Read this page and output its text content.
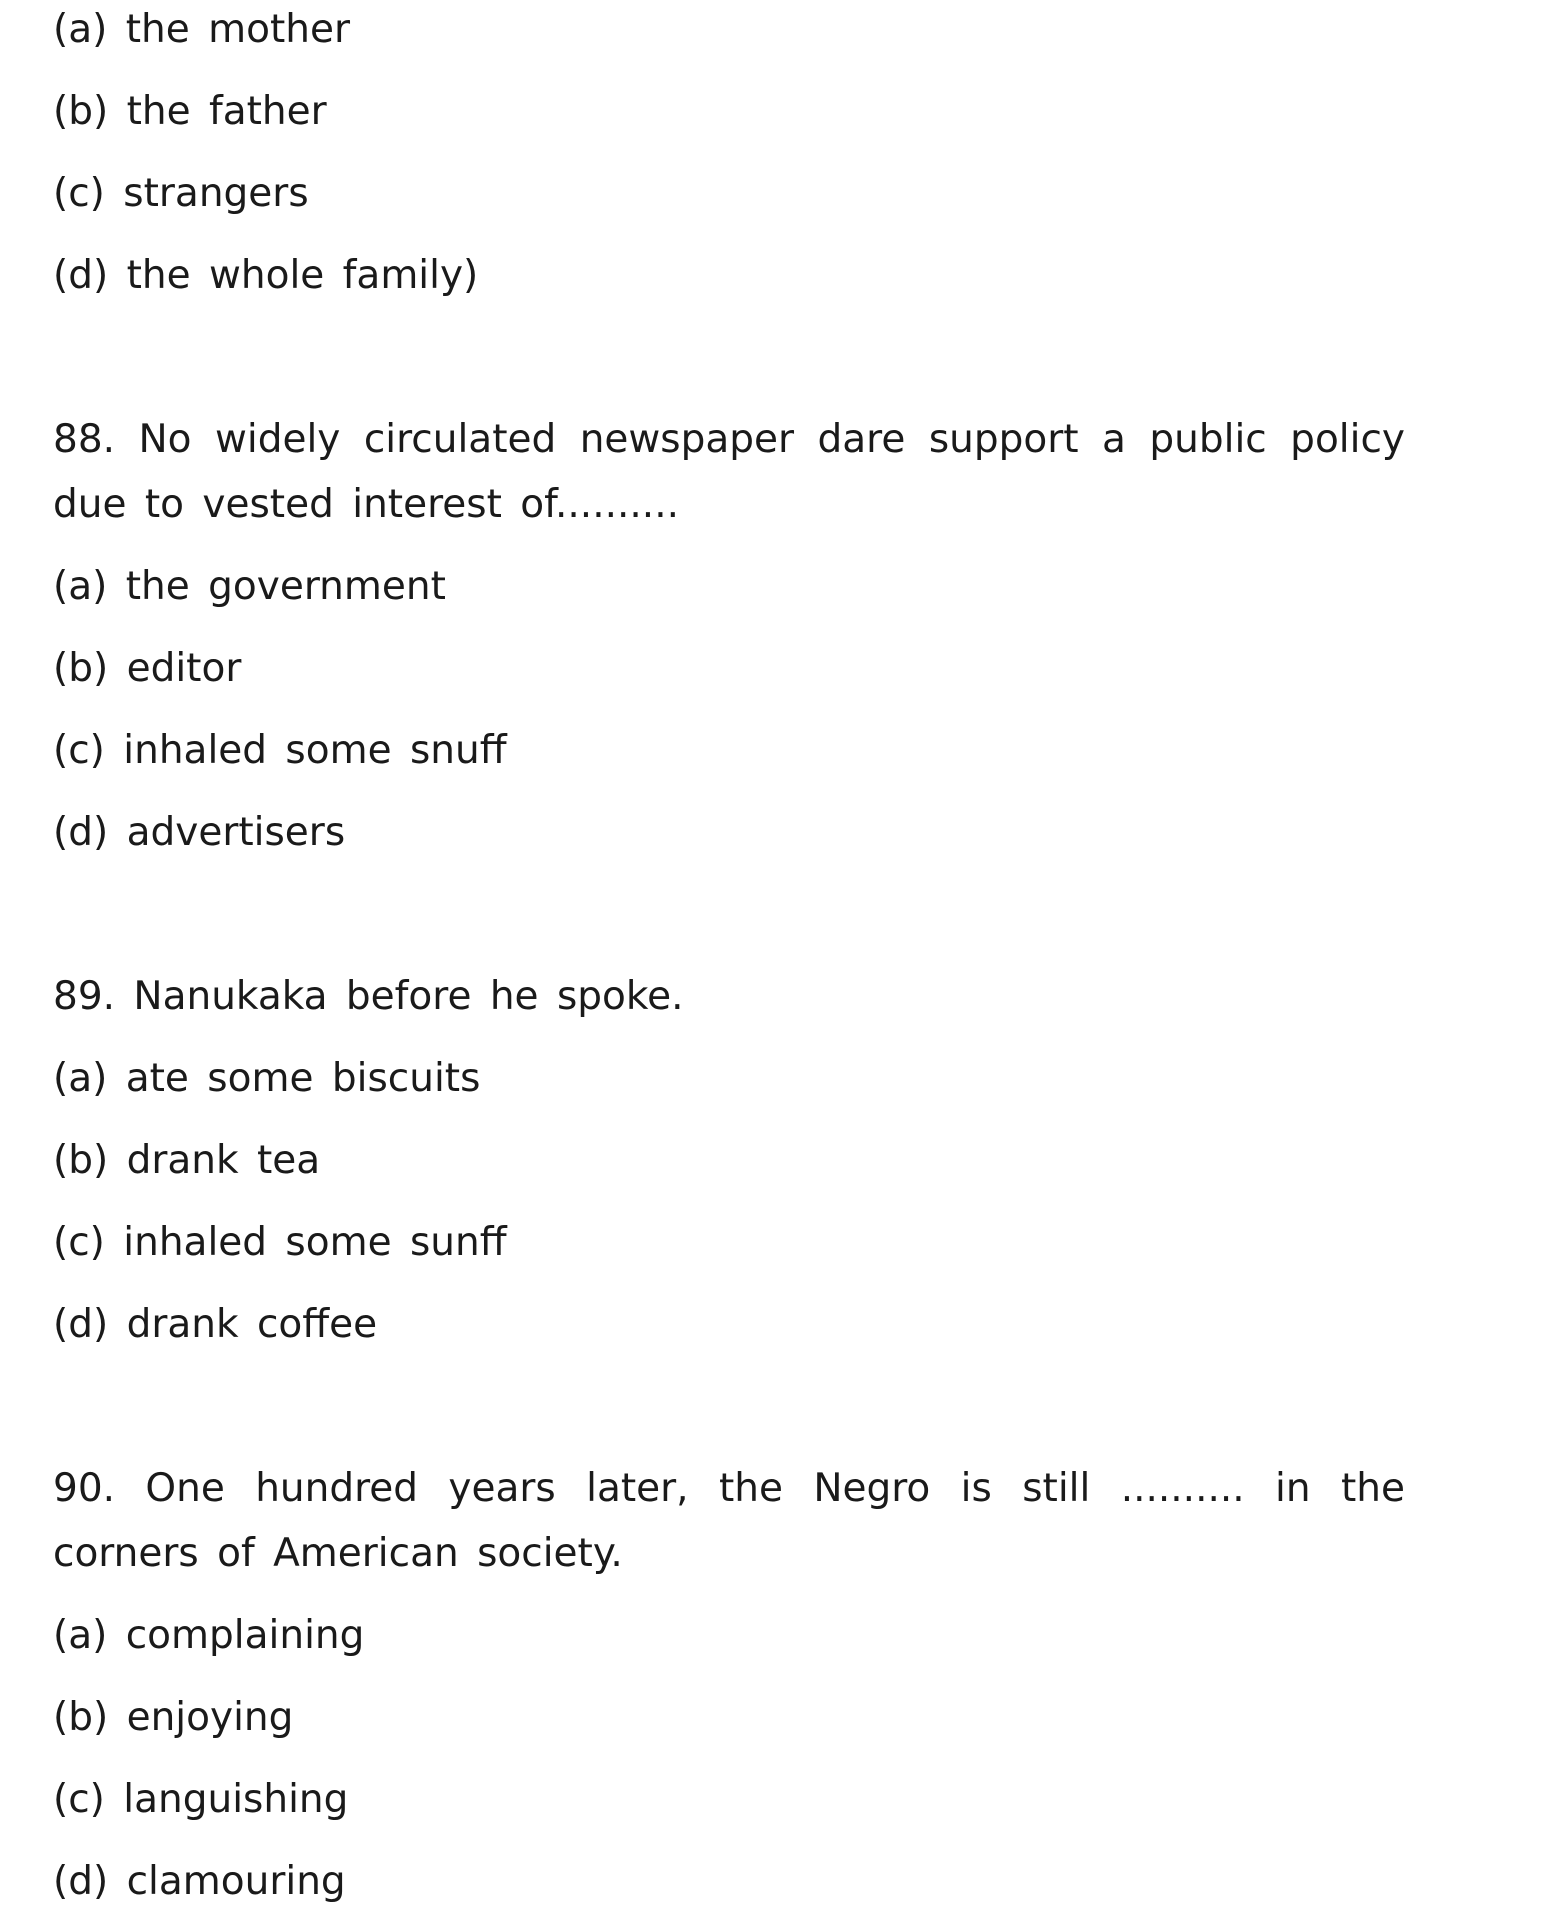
(a) the mother

(b) the father

(c) strangers

(d) the whole family)

88. No widely circulated newspaper dare support a public policy due to vested interest of..........

(a) the government

(b) editor

(c) inhaled some snuff

(d) advertisers

89. Nanukaka before he spoke.

(a) ate some biscuits

(b) drank tea

(c) inhaled some sunff

(d) drank coffee

90. One hundred years later, the Negro is still .......... in the corners of American society.

(a) complaining

(b) enjoying

(c) languishing

(d) clamouring
